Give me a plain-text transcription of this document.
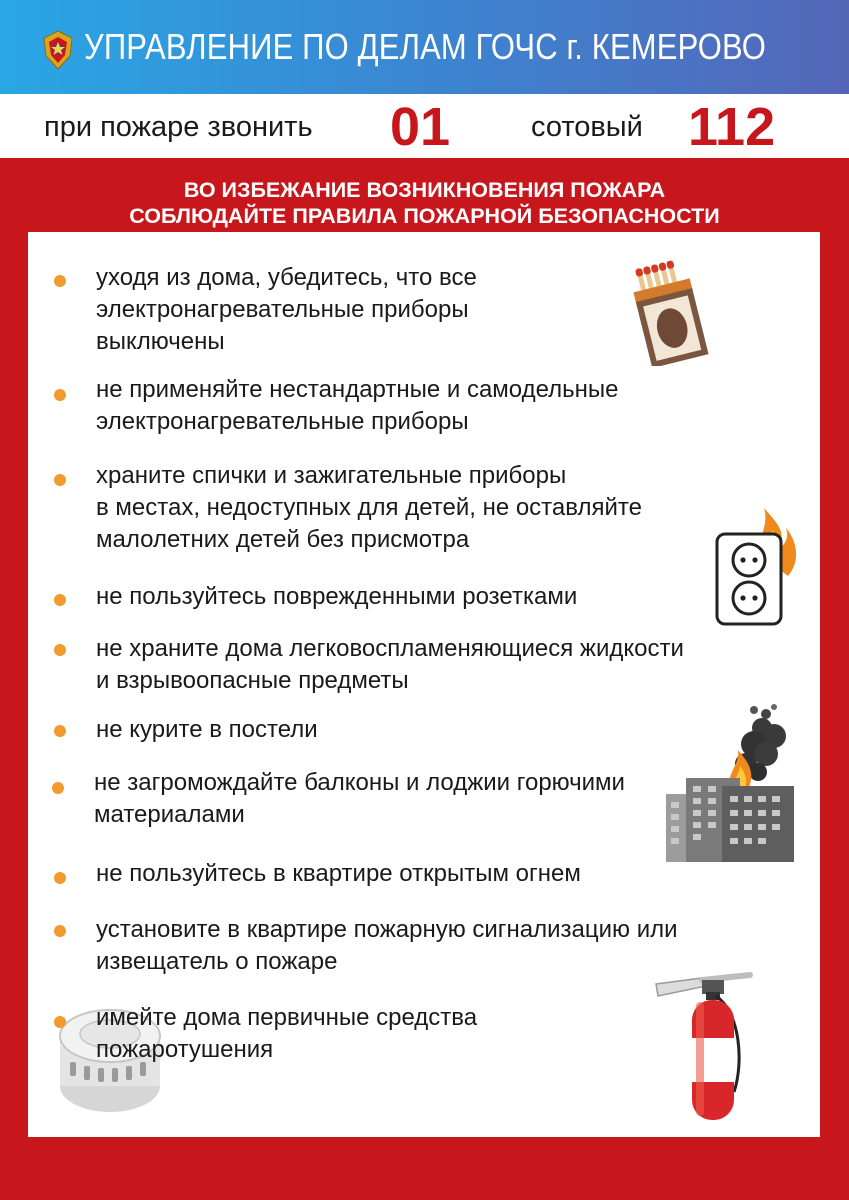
УПРАВЛЕНИЕ ПО ДЕЛАМ ГОЧС г. КЕМЕРОВО
при пожаре звонить 01	сотовый 112
ВО ИЗБЕЖАНИЕ ВОЗНИКНОВЕНИЯ ПОЖАРА
СОБЛЮДАЙТЕ ПРАВИЛА ПОЖАРНОЙ БЕЗОПАСНОСТИ
уходя из дома, убедитесь, что все
электронагревательные приборы
выключены
не применяйте нестандартные и самодельные
электронагревательные приборы
храните спички и зажигательные приборы
в местах, недоступных для детей, не оставляйте
малолетних детей без присмотра
не пользуйтесь поврежденными розетками
не храните дома легковоспламеняющиеся жидкости
и взрывоопасные предметы
не курите в постели
не загромождайте балконы и лоджии горючими
материалами
не пользуйтесь в квартире открытым огнем
установите в квартире пожарную сигнализацию или
извещатель о пожаре
имейте дома первичные средства
пожаротушения
